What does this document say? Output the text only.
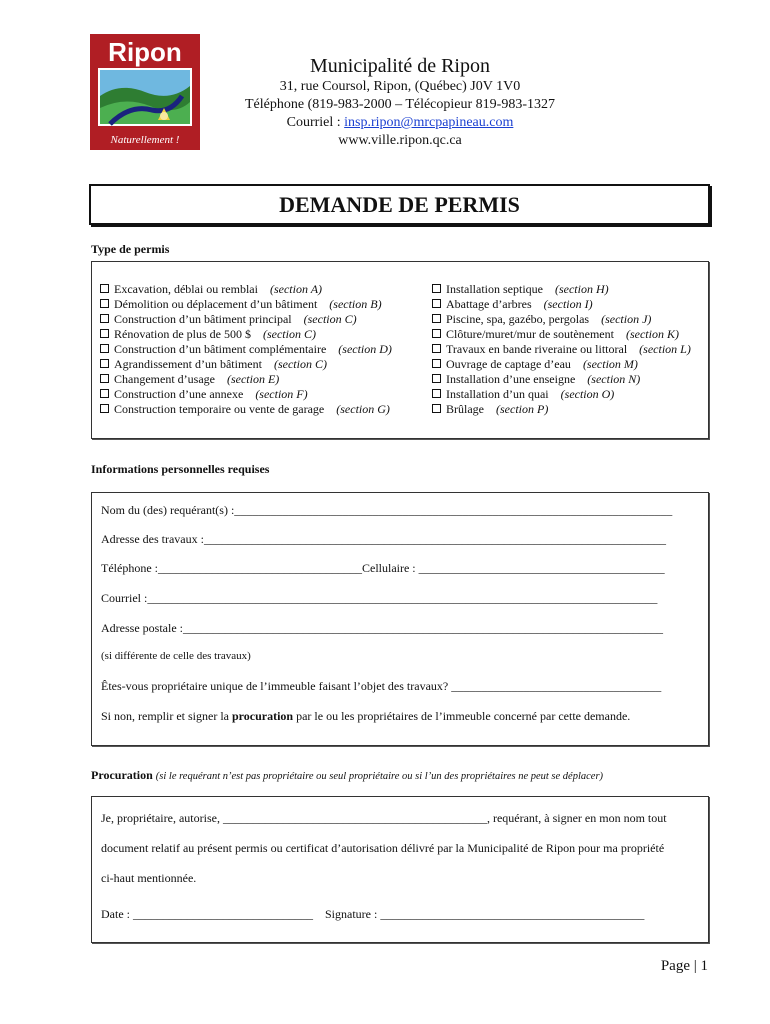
Ripon
Naturellement !
Municipalité de Ripon
31, rue Coursol, Ripon, (Québec) J0V 1V0
Téléphone (819-983-2000 – Télécopieur 819-983-1327
Courriel : insp.ripon@mrcpapineau.com
www.ville.ripon.qc.ca
DEMANDE DE PERMIS
Type de permis
Excavation, déblai ou remblai (section A)
Démolition ou déplacement d’un bâtiment (section B)
Construction d’un bâtiment principal (section C)
Rénovation de plus de 500 $ (section C)
Construction d’un bâtiment complémentaire (section D)
Agrandissement d’un bâtiment (section C)
Changement d’usage (section E)
Construction d’une annexe (section F)
Construction temporaire ou vente de garage (section G)
Installation septique (section H)
Abattage d’arbres (section I)
Piscine, spa, gazébo, pergolas (section J)
Clôture/muret/mur de soutènement (section K)
Travaux en bande riveraine ou littoral (section L)
Ouvrage de captage d’eau (section M)
Installation d’une enseigne (section N)
Installation d’un quai (section O)
Brûlage (section P)
Informations personnelles requises
Nom du (des) requérant(s) :_________________________________________________________________________
Adresse des travaux :_____________________________________________________________________________
Téléphone :__________________________________Cellulaire : _________________________________________
Courriel :_____________________________________________________________________________________
Adresse postale :________________________________________________________________________________
(si différente de celle des travaux)
Êtes-vous propriétaire unique de l’immeuble faisant l’objet des travaux? ___________________________________
Si non, remplir et signer la procuration par le ou les propriétaires de l’immeuble concerné par cette demande.
Procuration (si le requérant n’est pas propriétaire ou seul propriétaire ou si l’un des propriétaires ne peut se déplacer)
Je, propriétaire, autorise, ____________________________________________, requérant, à signer en mon nom tout
document relatif au présent permis ou certificat d’autorisation délivré par la Municipalité de Ripon pour ma propriété
ci-haut mentionnée.
Date : ______________________________ Signature : ____________________________________________
Page | 1
